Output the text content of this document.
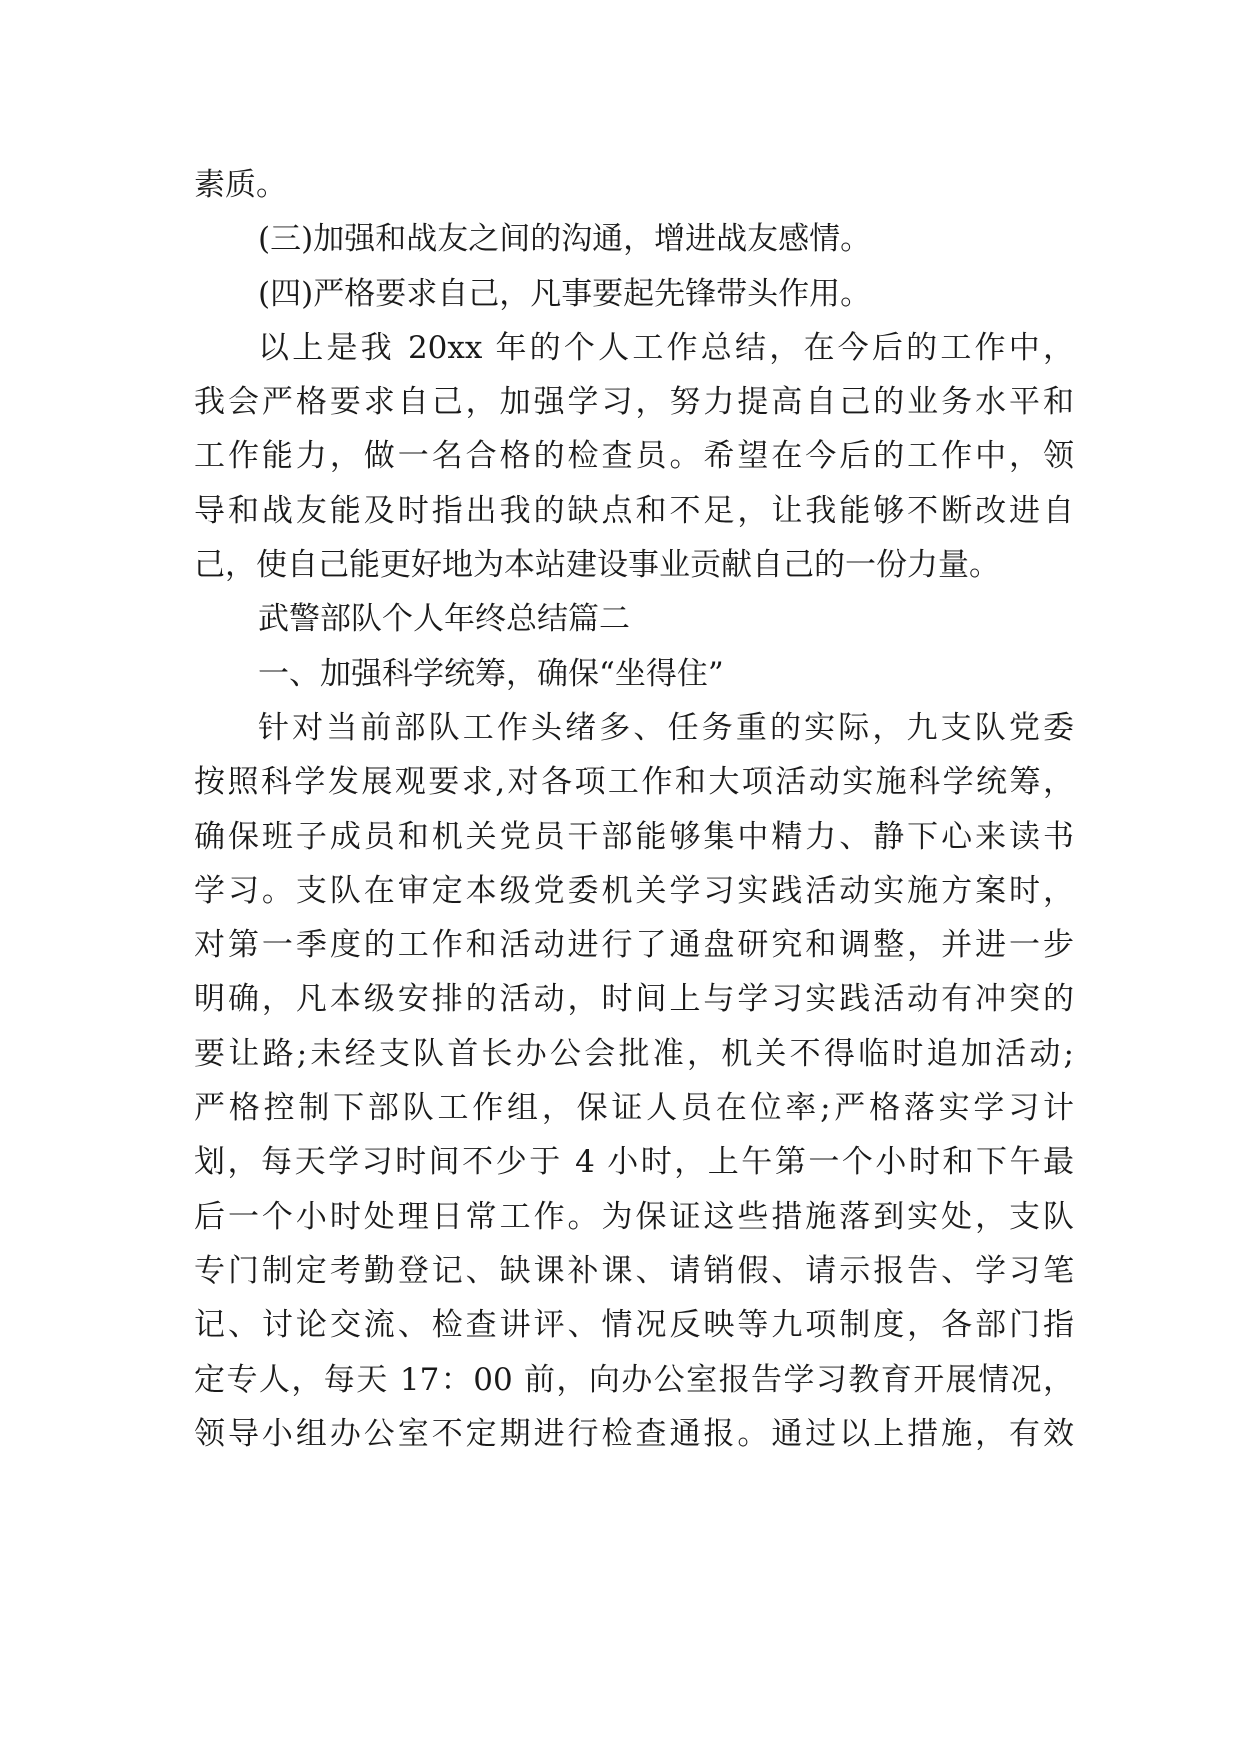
素质。
(三)加强和战友之间的沟通，增进战友感情。
(四)严格要求自己，凡事要起先锋带头作用。
以上是我 20xx 年的个人工作总结，在今后的工作中，
我会严格要求自己，加强学习，努力提高自己的业务水平和
工作能力，做一名合格的检查员。希望在今后的工作中，领
导和战友能及时指出我的缺点和不足，让我能够不断改进自
己，使自己能更好地为本站建设事业贡献自己的一份力量。
武警部队个人年终总结篇二
一、加强科学统筹，确保“坐得住”
针对当前部队工作头绪多、任务重的实际，九支队党委
按照科学发展观要求,对各项工作和大项活动实施科学统筹，
确保班子成员和机关党员干部能够集中精力、静下心来读书
学习。支队在审定本级党委机关学习实践活动实施方案时，
对第一季度的工作和活动进行了通盘研究和调整，并进一步
明确，凡本级安排的活动，时间上与学习实践活动有冲突的
要让路;未经支队首长办公会批准，机关不得临时追加活动;
严格控制下部队工作组，保证人员在位率;严格落实学习计
划，每天学习时间不少于 4 小时，上午第一个小时和下午最
后一个小时处理日常工作。为保证这些措施落到实处，支队
专门制定考勤登记、缺课补课、请销假、请示报告、学习笔
记、讨论交流、检查讲评、情况反映等九项制度，各部门指
定专人，每天 17：00 前，向办公室报告学习教育开展情况，
领导小组办公室不定期进行检查通报。通过以上措施，有效
